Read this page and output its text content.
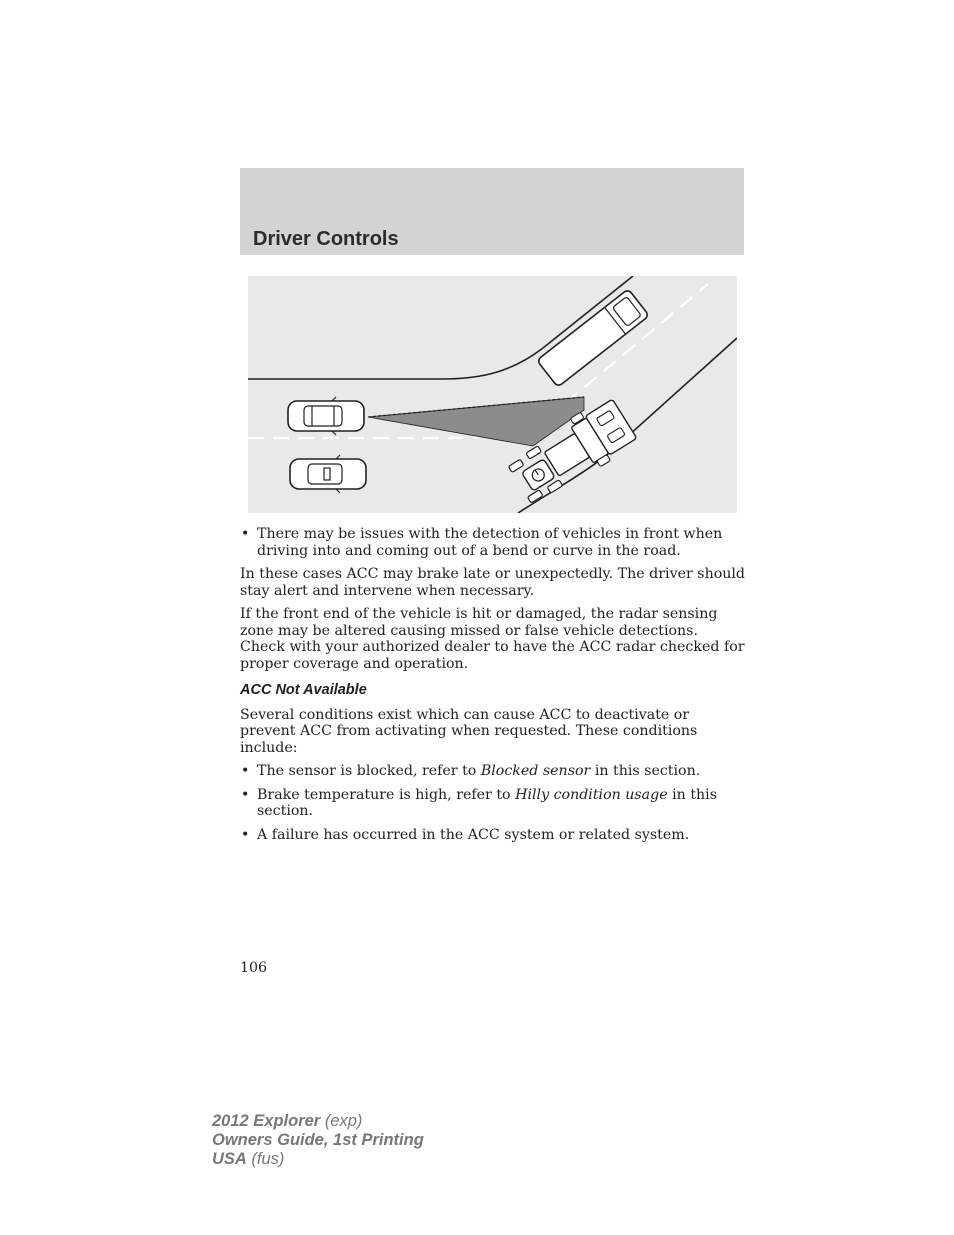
Driver Controls
• There may be issues with the detection of vehicles in front when driving into and coming out of a bend or curve in the road.

In these cases ACC may brake late or unexpectedly. The driver should stay alert and intervene when necessary.

If the front end of the vehicle is hit or damaged, the radar sensing zone may be altered causing missed or false vehicle detections. Check with your authorized dealer to have the ACC radar checked for proper coverage and operation.

ACC Not Available

Several conditions exist which can cause ACC to deactivate or prevent ACC from activating when requested. These conditions include:

• The sensor is blocked, refer to Blocked sensor in this section.
• Brake temperature is high, refer to Hilly condition usage in this section.
• A failure has occurred in the ACC system or related system.
106
2012 Explorer (exp)
Owners Guide, 1st Printing
USA (fus)
